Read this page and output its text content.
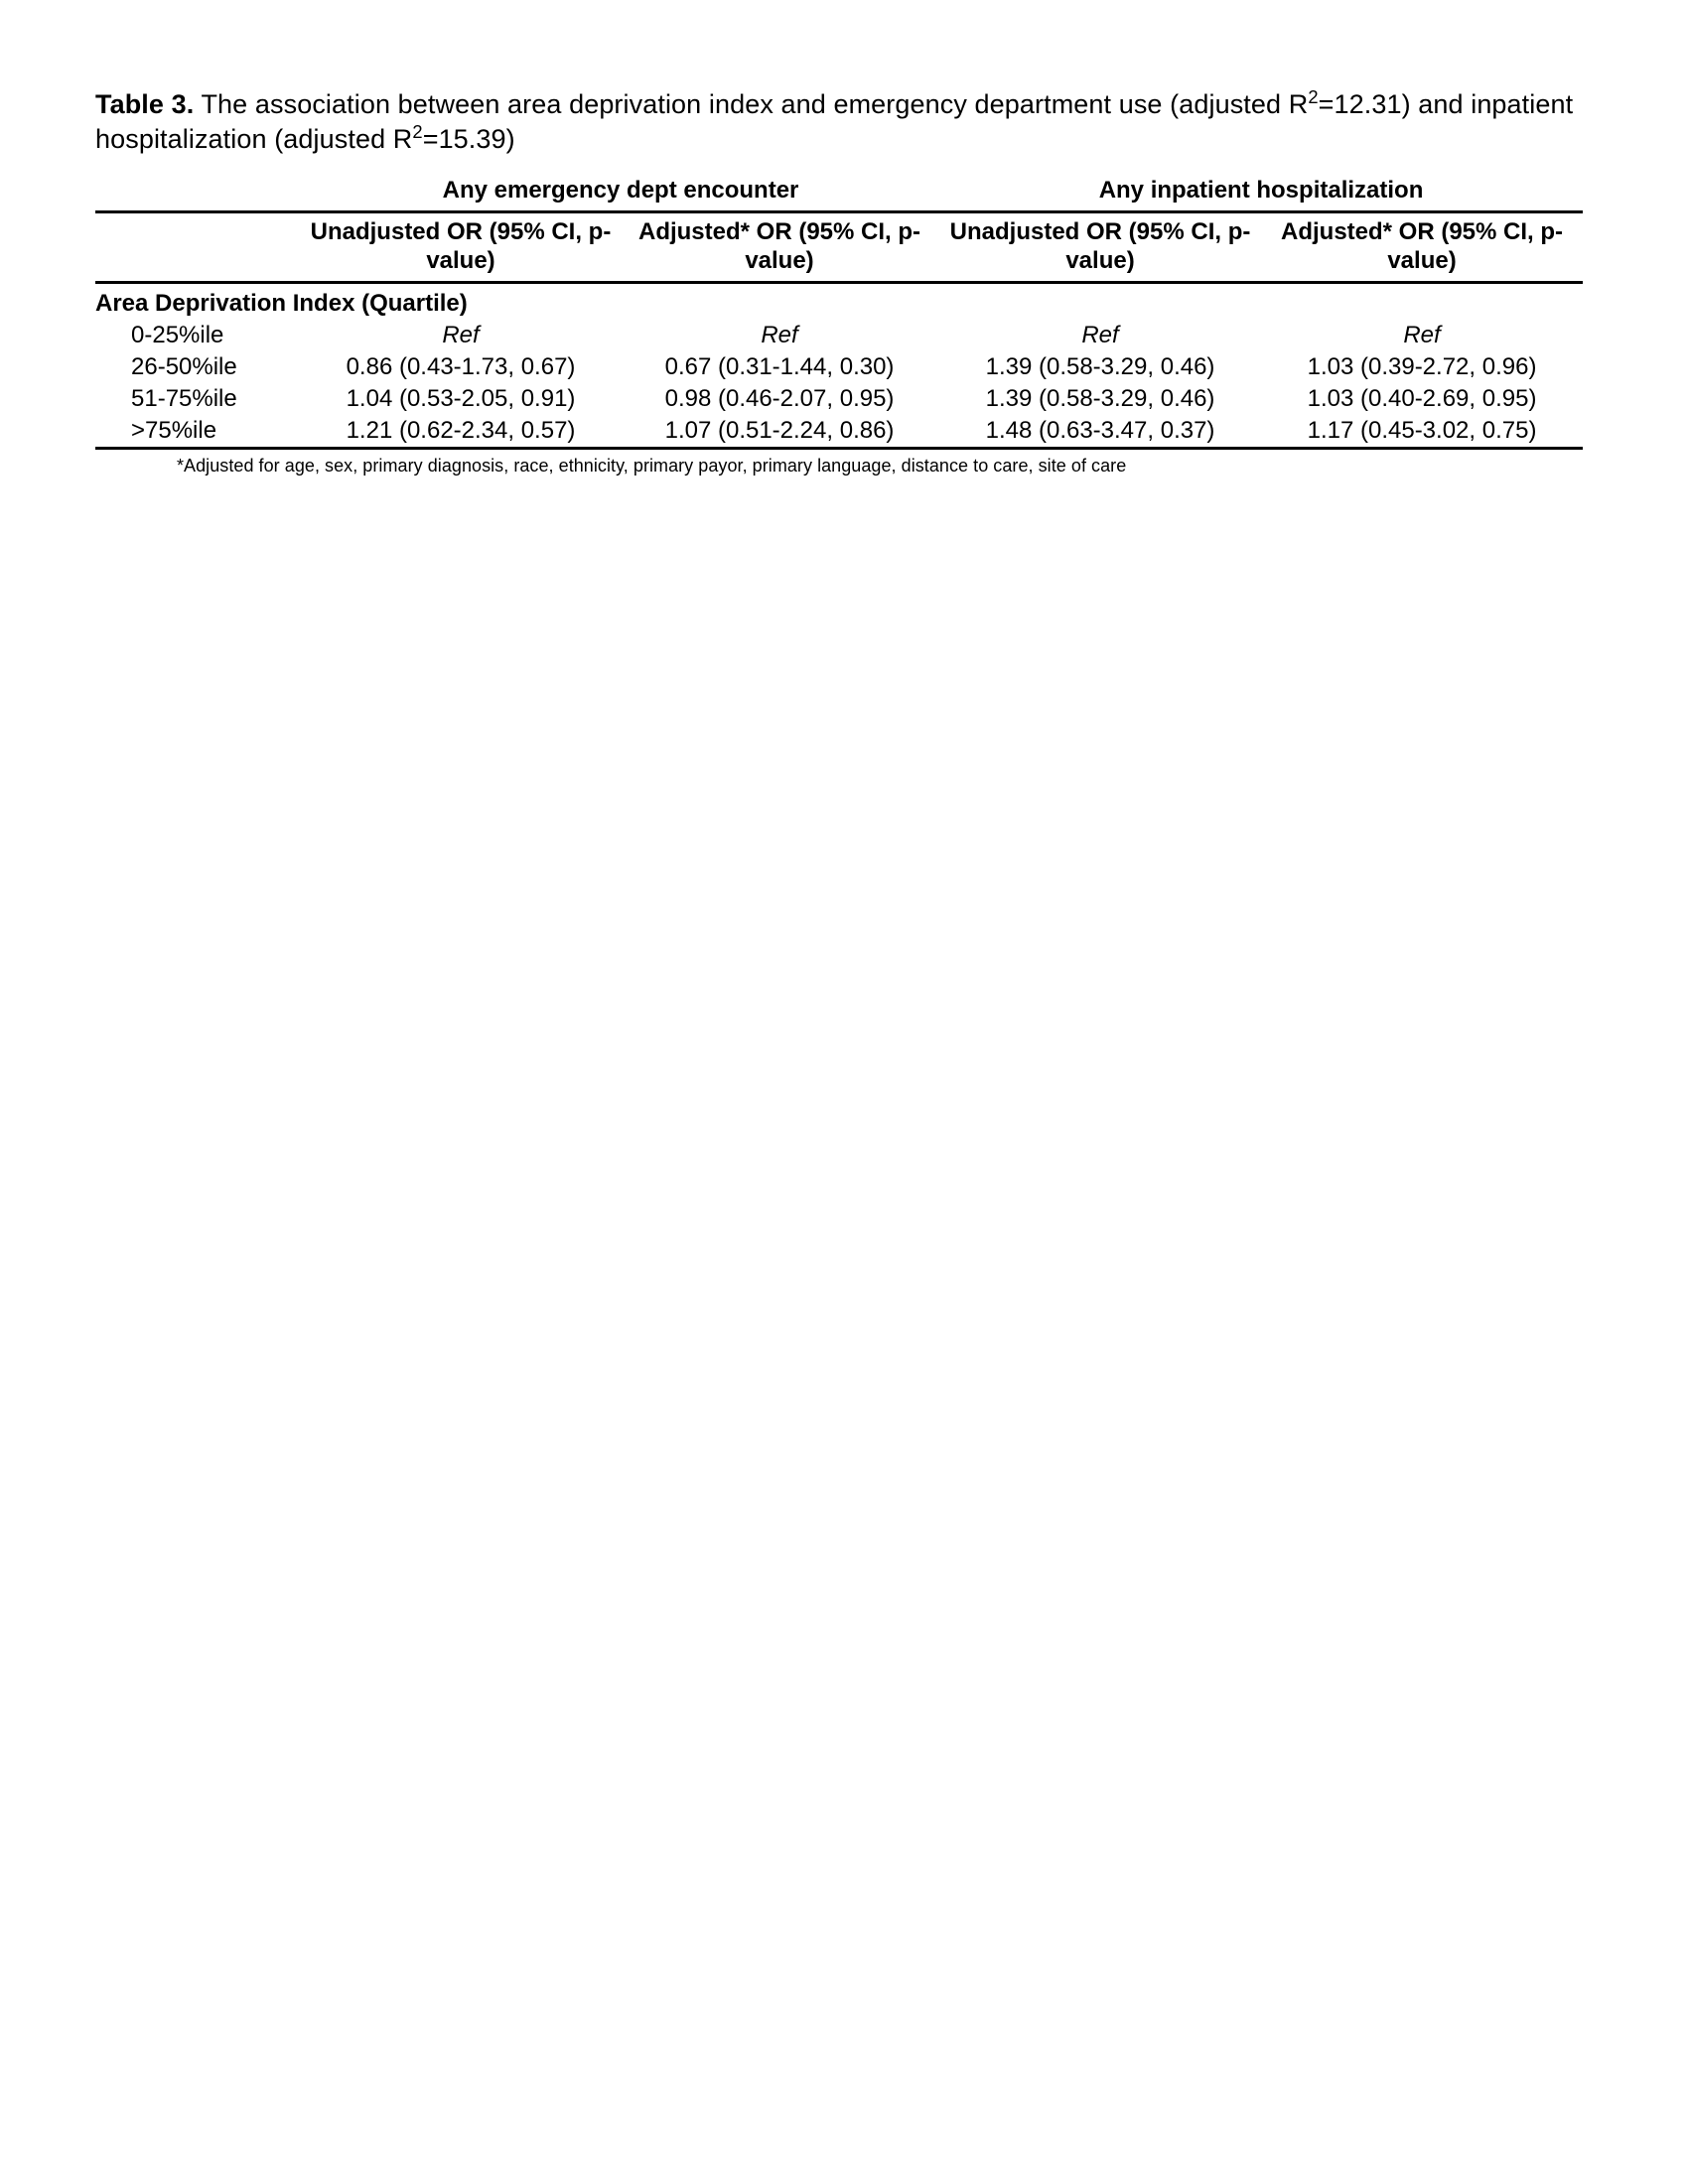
Table 3. The association between area deprivation index and emergency department use (adjusted $R^2=12.31$) and inpatient hospitalization (adjusted $R^2=15.39$)
	Any emergency dept encounter		Any inpatient hospitalization	

	Unadjusted OR (95% CI, p-value)	Adjusted* OR (95% CI, p-value)	Unadjusted OR (95% CI, p-value)	Adjusted* OR (95% CI, p-value)

Area Deprivation Index (Quartile)				
0-25%ile	Ref	Ref	Ref	Ref
26-50%ile	0.86 (0.43-1.73, 0.67)	0.67 (0.31-1.44, 0.30)	1.39 (0.58-3.29, 0.46)	1.03 (0.39-2.72, 0.96)
51-75%ile	1.04 (0.53-2.05, 0.91)	0.98 (0.46-2.07, 0.95)	1.39 (0.58-3.29, 0.46)	1.03 (0.40-2.69, 0.95)
>75%ile	1.21 (0.62-2.34, 0.57)	1.07 (0.51-2.24, 0.86)	1.48 (0.63-3.47, 0.37)	1.17 (0.45-3.02, 0.75)

*Adjusted for age, sex, primary diagnosis, race, ethnicity, primary payor, primary language, distance to care, site of care
